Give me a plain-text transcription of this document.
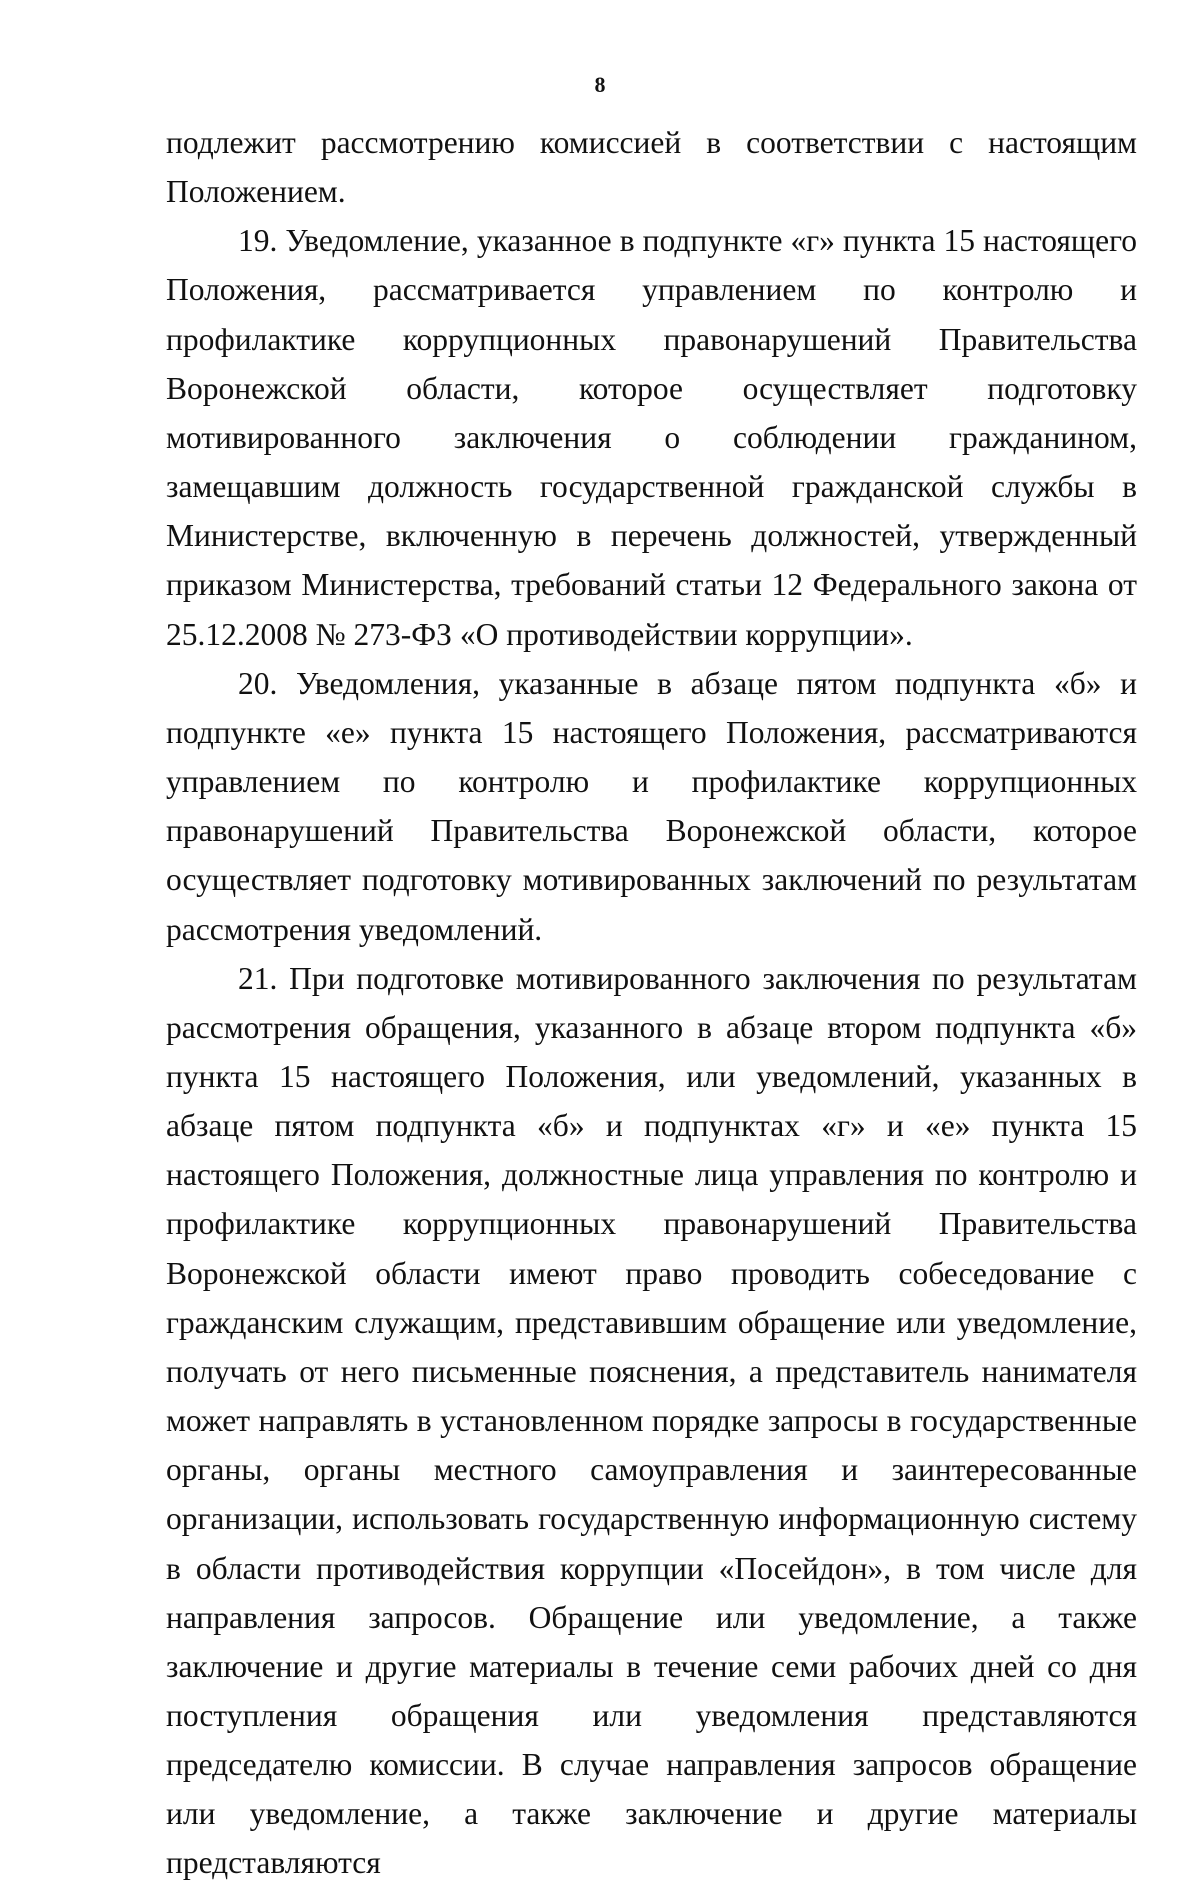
8

подлежит рассмотрению комиссией в соответствии с настоящим Положением.

19. Уведомление, указанное в подпункте «г» пункта 15 настоящего Положения, рассматривается управлением по контролю и профилактике коррупционных правонарушений Правительства Воронежской области, которое осуществляет подготовку мотивированного заключения о соблюдении гражданином, замещавшим должность государственной гражданской службы в Министерстве, включенную в перечень должностей, утвержденный приказом Министерства, требований статьи 12 Федерального закона от 25.12.2008 № 273-ФЗ «О противодействии коррупции».

20. Уведомления, указанные в абзаце пятом подпункта «б» и подпункте «е» пункта 15 настоящего Положения, рассматриваются управлением по контролю и профилактике коррупционных правонарушений Правительства Воронежской области, которое осуществляет подготовку мотивированных заключений по результатам рассмотрения уведомлений.

21. При подготовке мотивированного заключения по результатам рассмотрения обращения, указанного в абзаце втором подпункта «б» пункта 15 настоящего Положения, или уведомлений, указанных в абзаце пятом подпункта «б» и подпунктах «г» и «е» пункта 15 настоящего Положения, должностные лица управления по контролю и профилактике коррупционных правонарушений Правительства Воронежской области имеют право проводить собеседование с гражданским служащим, представившим обращение или уведомление, получать от него письменные пояснения, а представитель нанимателя может направлять в установленном порядке запросы в государственные органы, органы местного самоуправления и заинтересованные организации, использовать государственную информационную систему в области противодействия коррупции «Посейдон», в том числе для направления запросов. Обращение или уведомление, а также заключение и другие материалы в течение семи рабочих дней со дня поступления обращения или уведомления представляются председателю комиссии. В случае направления запросов обращение или уведомление, а также заключение и другие материалы представляются
